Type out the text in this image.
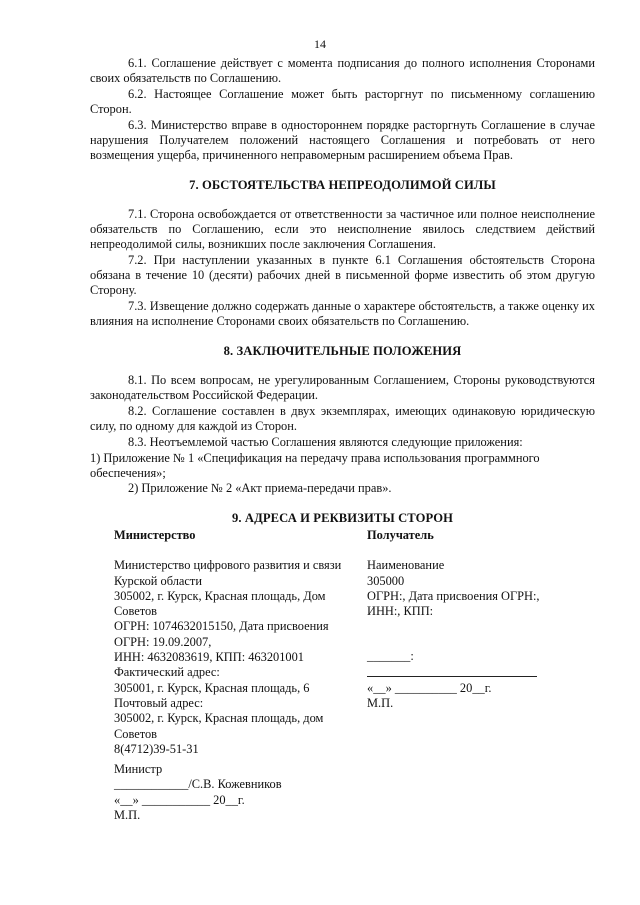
14

6.1. Соглашение действует с момента подписания до полного исполнения Сторонами своих обязательств по Соглашению.

6.2. Настоящее Соглашение может быть расторгнут по письменному соглашению Сторон.

6.3. Министерство вправе в одностороннем порядке расторгнуть Соглашение в случае нарушения Получателем положений настоящего Соглашения и потребовать от него возмещения ущерба, причиненного неправомерным расширением объема Прав.

7. ОБСТОЯТЕЛЬСТВА НЕПРЕОДОЛИМОЙ СИЛЫ

7.1. Сторона освобождается от ответственности за частичное или полное неисполнение обязательств по Соглашению, если это неисполнение явилось следствием действий непреодолимой силы, возникших после заключения Соглашения.

7.2. При наступлении указанных в пункте 6.1 Соглашения обстоятельств Сторона обязана в течение 10 (десяти) рабочих дней в письменной форме известить об этом другую Сторону.

7.3. Извещение должно содержать данные о характере обстоятельств, а также оценку их влияния на исполнение Сторонами своих обязательств по Соглашению.

8. ЗАКЛЮЧИТЕЛЬНЫЕ ПОЛОЖЕНИЯ

8.1. По всем вопросам, не урегулированным Соглашением, Стороны руководствуются законодательством Российской Федерации.

8.2. Соглашение составлен в двух экземплярах, имеющих одинаковую юридическую силу, по одному для каждой из Сторон.

8.3. Неотъемлемой частью Соглашения являются следующие приложения:

1) Приложение № 1 «Спецификация на передачу права использования программного обеспечения»;

2) Приложение № 2 «Акт приема-передачи прав».

9. АДРЕСА И РЕКВИЗИТЫ СТОРОН
Министерство
Министерство цифрового развития и связи
Курской области
305002, г. Курск, Красная площадь, Дом
Советов
ОГРН: 1074632015150, Дата присвоения
ОГРН: 19.09.2007,
ИНН: 4632083619, КПП: 463201001
Фактический адрес:
305001, г. Курск, Красная площадь, 6
Почтовый адрес:
305002, г. Курск, Красная площадь, дом
Советов
8(4712)39-51-31
Получатель
Наименование
305000
ОГРН:, Дата присвоения ОГРН:,
ИНН:, КПП:
_______:
«__» __________ 20__г.
М.П.
Министр
____________/С.В. Кожевников
«__» ___________ 20__г.
М.П.
